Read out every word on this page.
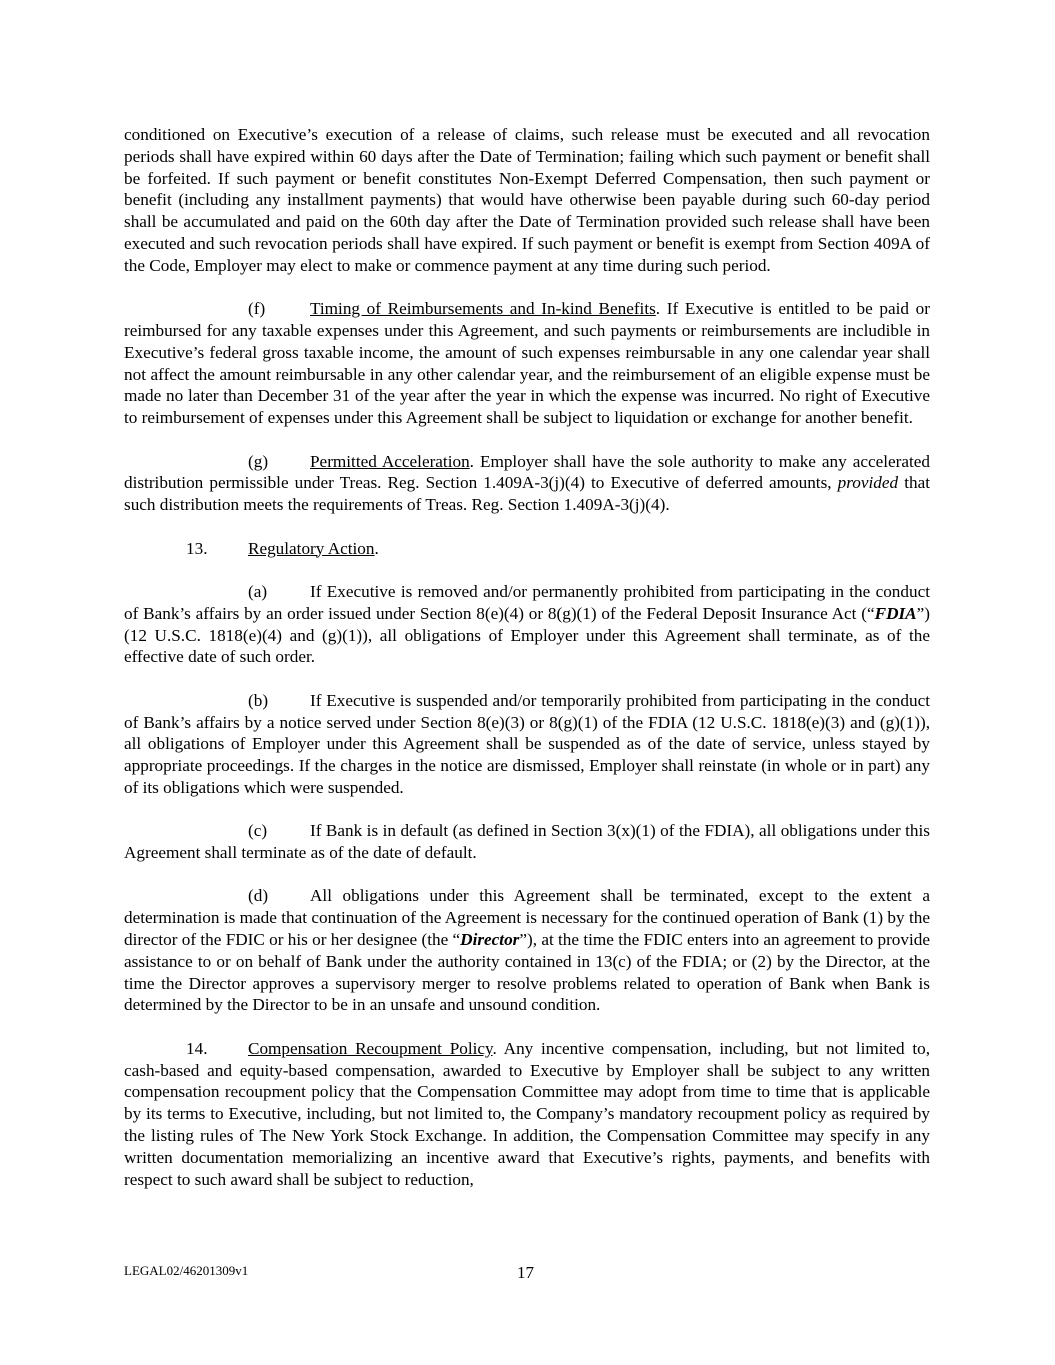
conditioned on Executive’s execution of a release of claims, such release must be executed and all revocation periods shall have expired within 60 days after the Date of Termination; failing which such payment or benefit shall be forfeited. If such payment or benefit constitutes Non-Exempt Deferred Compensation, then such payment or benefit (including any installment payments) that would have otherwise been payable during such 60-day period shall be accumulated and paid on the 60th day after the Date of Termination provided such release shall have been executed and such revocation periods shall have expired. If such payment or benefit is exempt from Section 409A of the Code, Employer may elect to make or commence payment at any time during such period.

(f)	Timing of Reimbursements and In-kind Benefits. If Executive is entitled to be paid or reimbursed for any taxable expenses under this Agreement, and such payments or reimbursements are includible in Executive’s federal gross taxable income, the amount of such expenses reimbursable in any one calendar year shall not affect the amount reimbursable in any other calendar year, and the reimbursement of an eligible expense must be made no later than December 31 of the year after the year in which the expense was incurred. No right of Executive to reimbursement of expenses under this Agreement shall be subject to liquidation or exchange for another benefit.

(g) Permitted Acceleration. Employer shall have the sole authority to make any accelerated distribution permissible under Treas. Reg. Section 1.409A-3(j)(4) to Executive of deferred amounts, provided that such distribution meets the requirements of Treas. Reg. Section 1.409A-3(j)(4).

13. Regulatory Action.

(a) If Executive is removed and/or permanently prohibited from participating in the conduct of Bank’s affairs by an order issued under Section 8(e)(4) or 8(g)(1) of the Federal Deposit Insurance Act (“FDIA”) (12 U.S.C. 1818(e)(4) and (g)(1)), all obligations of Employer under this Agreement shall terminate, as of the effective date of such order.

(b) If Executive is suspended and/or temporarily prohibited from participating in the conduct of Bank’s affairs by a notice served under Section 8(e)(3) or 8(g)(1) of the FDIA (12 U.S.C. 1818(e)(3) and (g)(1)), all obligations of Employer under this Agreement shall be suspended as of the date of service, unless stayed by appropriate proceedings. If the charges in the notice are dismissed, Employer shall reinstate (in whole or in part) any of its obligations which were suspended.

(c) If Bank is in default (as defined in Section 3(x)(1) of the FDIA), all obligations under this Agreement shall terminate as of the date of default.

(d) All obligations under this Agreement shall be terminated, except to the extent a determination is made that continuation of the Agreement is necessary for the continued operation of Bank (1) by the director of the FDIC or his or her designee (the “Director”), at the time the FDIC enters into an agreement to provide assistance to or on behalf of Bank under the authority contained in 13(c) of the FDIA; or (2) by the Director, at the time the Director approves a supervisory merger to resolve problems related to operation of Bank when Bank is determined by the Director to be in an unsafe and unsound condition.

14. Compensation Recoupment Policy. Any incentive compensation, including, but not limited to, cash-based and equity-based compensation, awarded to Executive by Employer shall be subject to any written compensation recoupment policy that the Compensation Committee may adopt from time to time that is applicable by its terms to Executive, including, but not limited to, the Company’s mandatory recoupment policy as required by the listing rules of The New York Stock Exchange. In addition, the Compensation Committee may specify in any written documentation memorializing an incentive award that Executive’s rights, payments, and benefits with respect to such award shall be subject to reduction,

LEGAL02/46201309v1	17
